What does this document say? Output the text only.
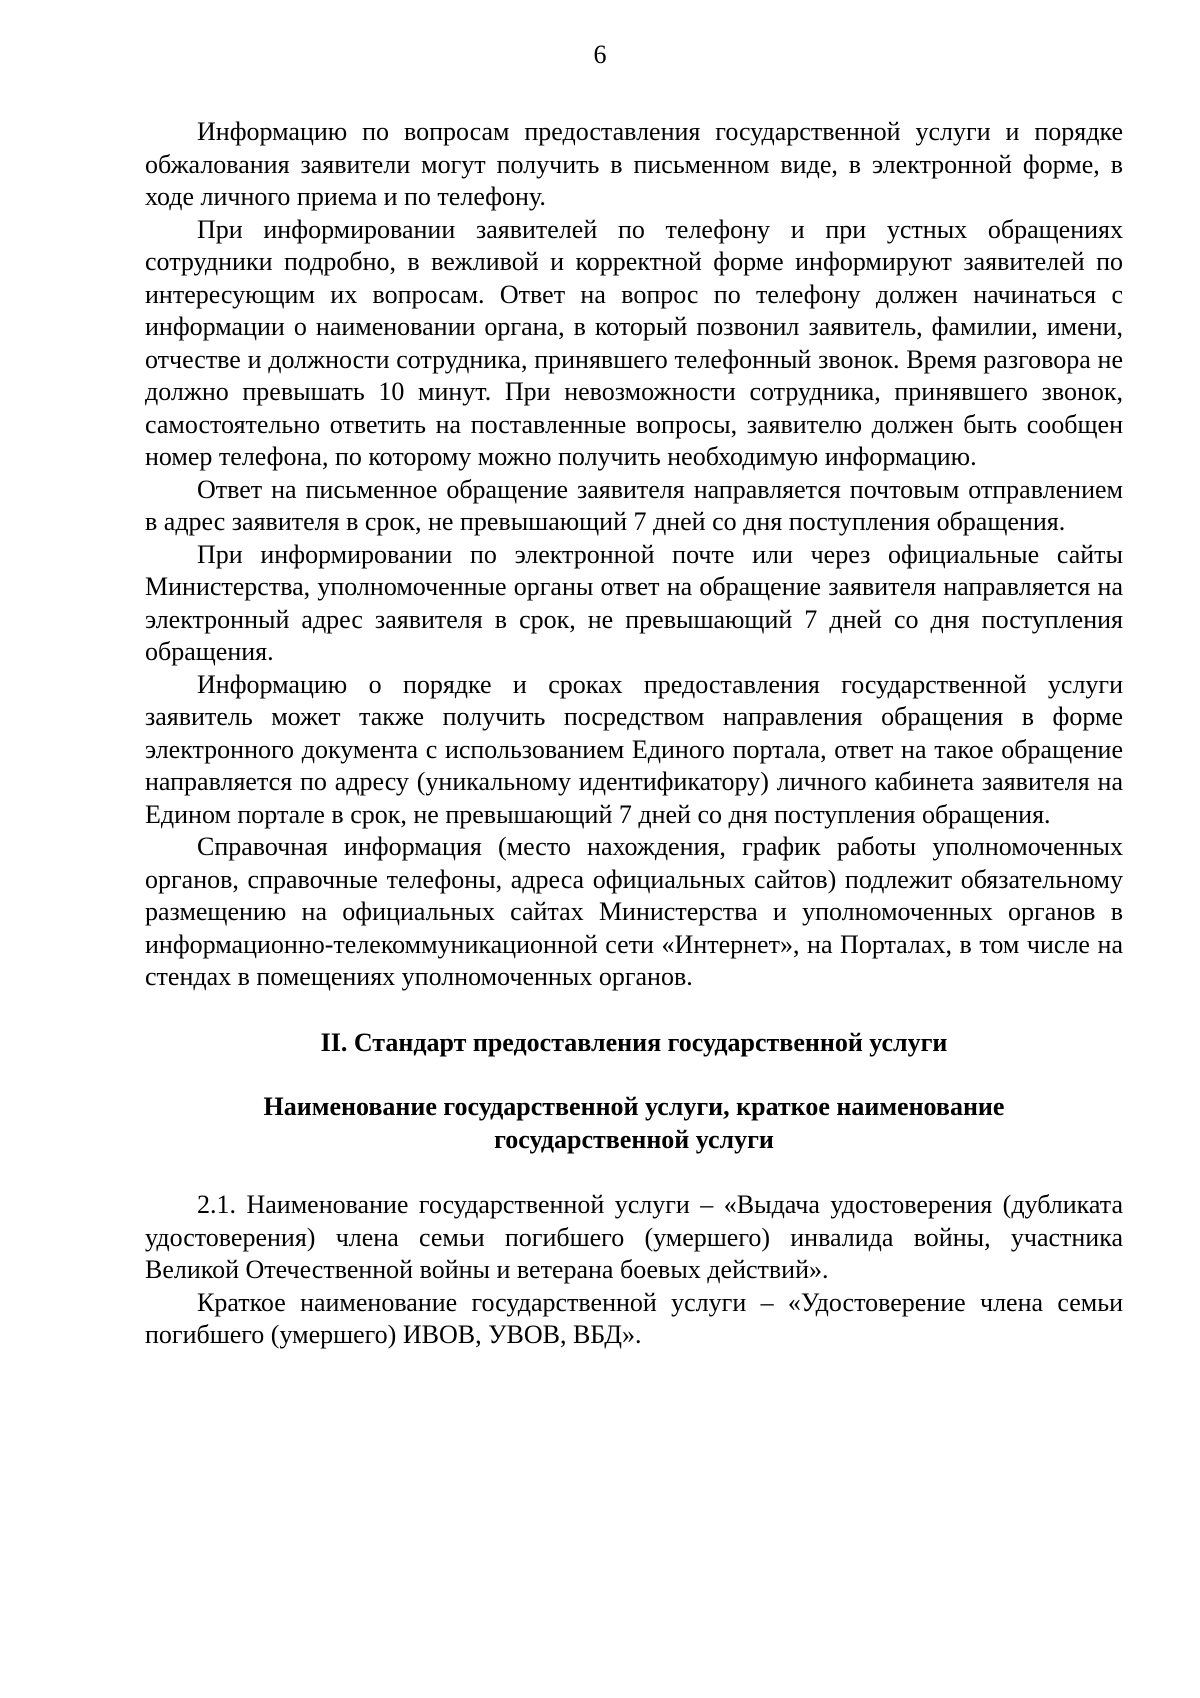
6

Информацию по вопросам предоставления государственной услуги и порядке обжалования заявители могут получить в письменном виде, в электронной форме, в ходе личного приема и по телефону.

При информировании заявителей по телефону и при устных обращениях сотрудники подробно, в вежливой и корректной форме информируют заявителей по интересующим их вопросам. Ответ на вопрос по телефону должен начинаться с информации о наименовании органа, в который позвонил заявитель, фамилии, имени, отчестве и должности сотрудника, принявшего телефонный звонок. Время разговора не должно превышать 10 минут. При невозможности сотрудника, принявшего звонок, самостоятельно ответить на поставленные вопросы, заявителю должен быть сообщен номер телефона, по которому можно получить необходимую информацию.

Ответ на письменное обращение заявителя направляется почтовым отправлением в адрес заявителя в срок, не превышающий 7 дней со дня поступления обращения.

При информировании по электронной почте или через официальные сайты Министерства, уполномоченные органы ответ на обращение заявителя направляется на электронный адрес заявителя в срок, не превышающий 7 дней со дня поступления обращения.

Информацию о порядке и сроках предоставления государственной услуги заявитель может также получить посредством направления обращения в форме электронного документа с использованием Единого портала, ответ на такое обращение направляется по адресу (уникальному идентификатору) личного кабинета заявителя на Едином портале в срок, не превышающий 7 дней со дня поступления обращения.

Справочная информация (место нахождения, график работы уполномоченных органов, справочные телефоны, адреса официальных сайтов) подлежит обязательному размещению на официальных сайтах Министерства и уполномоченных органов в информационно-телекоммуникационной сети «Интернет», на Порталах, в том числе на стендах в помещениях уполномоченных органов.

II. Стандарт предоставления государственной услуги
Наименование государственной услуги, краткое наименование государственной услуги

2.1. Наименование государственной услуги – «Выдача удостоверения (дубликата удостоверения) члена семьи погибшего (умершего) инвалида войны, участника Великой Отечественной войны и ветерана боевых действий».

Краткое наименование государственной услуги – «Удостоверение члена семьи погибшего (умершего) ИВОВ, УВОВ, ВБД».
